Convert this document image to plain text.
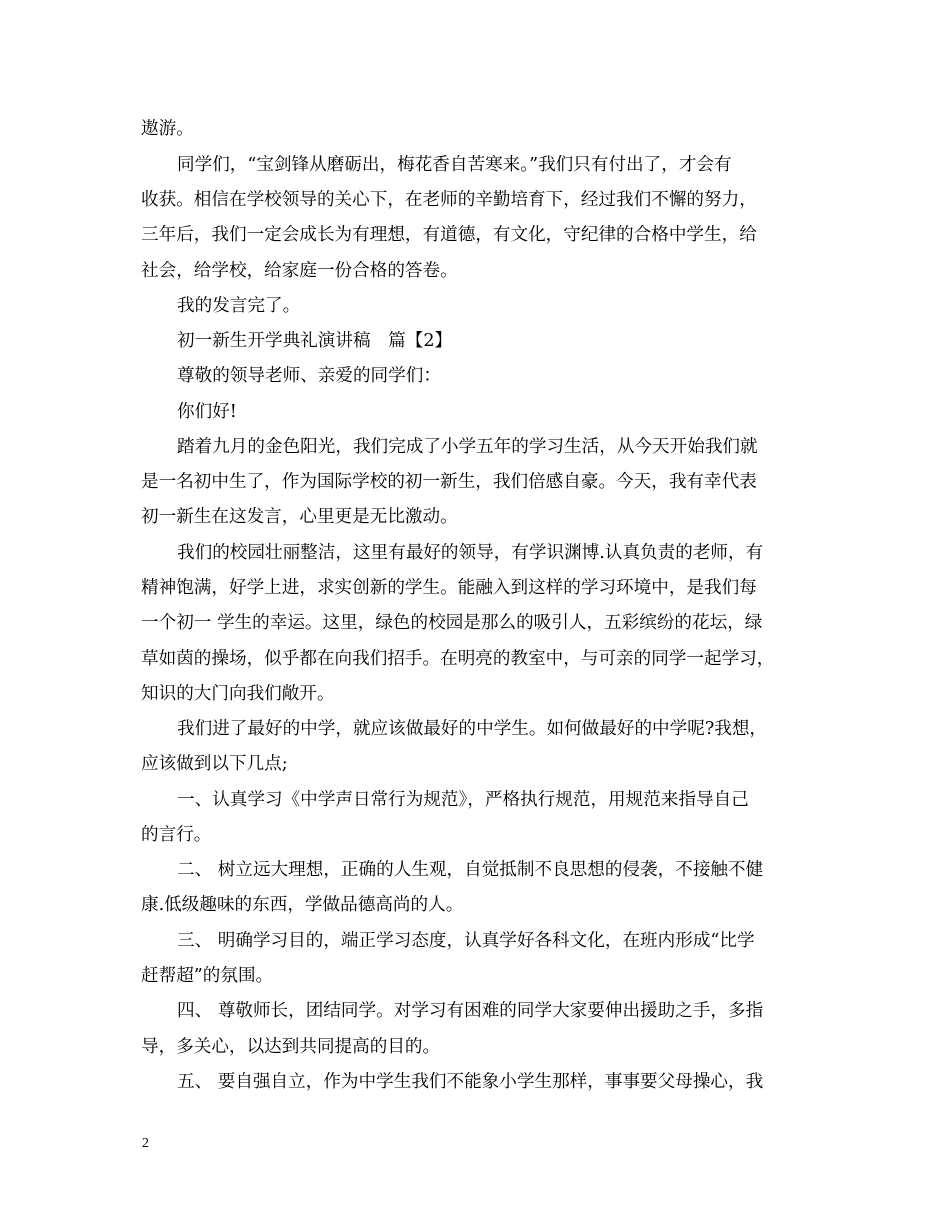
遨游。
同学们，“宝剑锋从磨砺出，梅花香自苦寒来。”我们只有付出了，才会有
收获。相信在学校领导的关心下，在老师的辛勤培育下，经过我们不懈的努力，
三年后，我们一定会成长为有理想，有道德，有文化，守纪律的合格中学生，给
社会，给学校，给家庭一份合格的答卷。
我的发言完了。
初一新生开学典礼演讲稿　篇【2】
尊敬的领导老师、亲爱的同学们：
你们好!
踏着九月的金色阳光，我们完成了小学五年的学习生活，从今天开始我们就
是一名初中生了，作为国际学校的初一新生，我们倍感自豪。今天，我有幸代表
初一新生在这发言，心里更是无比激动。
我们的校园壮丽整洁，这里有最好的领导，有学识渊博.认真负责的老师，有
精神饱满，好学上进，求实创新的学生。能融入到这样的学习环境中，是我们每
一个初一 学生的幸运。这里，绿色的校园是那么的吸引人，五彩缤纷的花坛，绿
草如茵的操场，似乎都在向我们招手。在明亮的教室中，与可亲的同学一起学习，
知识的大门向我们敞开。
我们进了最好的中学，就应该做最好的中学生。如何做最好的中学呢?我想，
应该做到以下几点;
一、认真学习《中学声日常行为规范》，严格执行规范，用规范来指导自己
的言行。
二、 树立远大理想，正确的人生观，自觉抵制不良思想的侵袭，不接触不健
康.低级趣味的东西，学做品德高尚的人。
三、 明确学习目的，端正学习态度，认真学好各科文化，在班内形成“比学
赶帮超”的氛围。
四、 尊敬师长，团结同学。对学习有困难的同学大家要伸出援助之手，多指
导，多关心，以达到共同提高的目的。
五、 要自强自立，作为中学生我们不能象小学生那样，事事要父母操心，我
2
